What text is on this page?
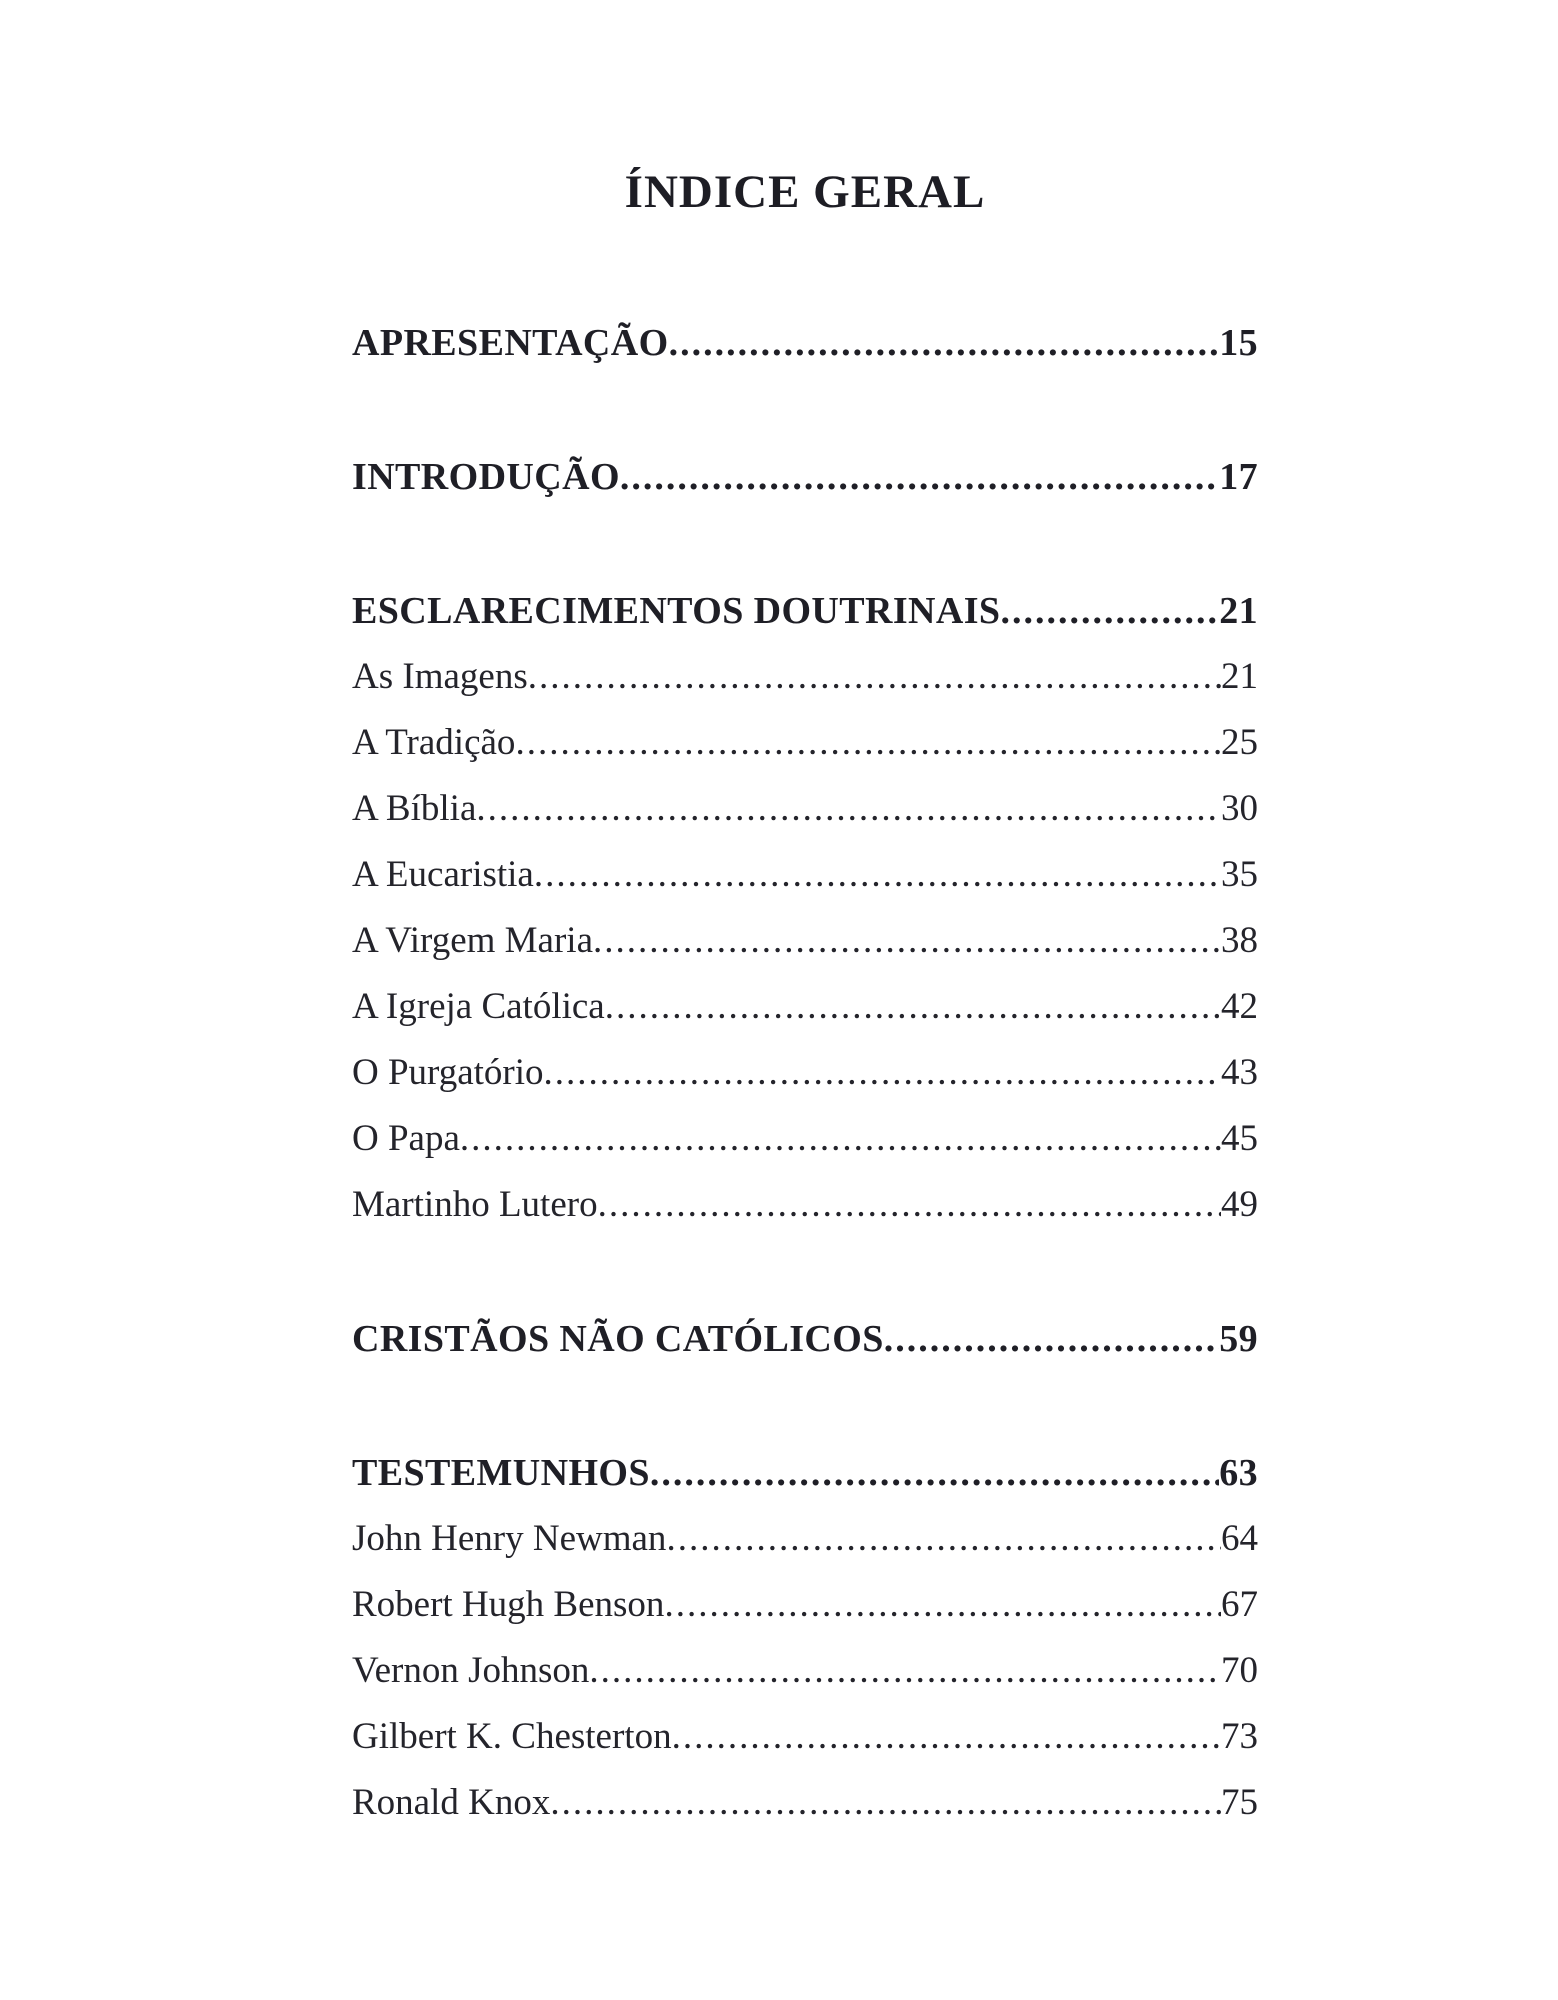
ÍNDICE GERAL
APRESENTAÇÃO .....	15
INTRODUÇÃO .....	17
ESCLARECIMENTOS DOUTRINAIS .....	21
As Imagens .....	21
A Tradição .....	25
A Bíblia .....	30
A Eucaristia .....	35
A Virgem Maria .....	38
A Igreja Católica .....	42
O Purgatório .....	43
O Papa .....	45
Martinho Lutero .....	49
CRISTÃOS NÃO CATÓLICOS .....	59
TESTEMUNHOS .....	63
John Henry Newman .....	64
Robert Hugh Benson .....	67
Vernon Johnson .....	70
Gilbert K. Chesterton .....	73
Ronald Knox .....	75
